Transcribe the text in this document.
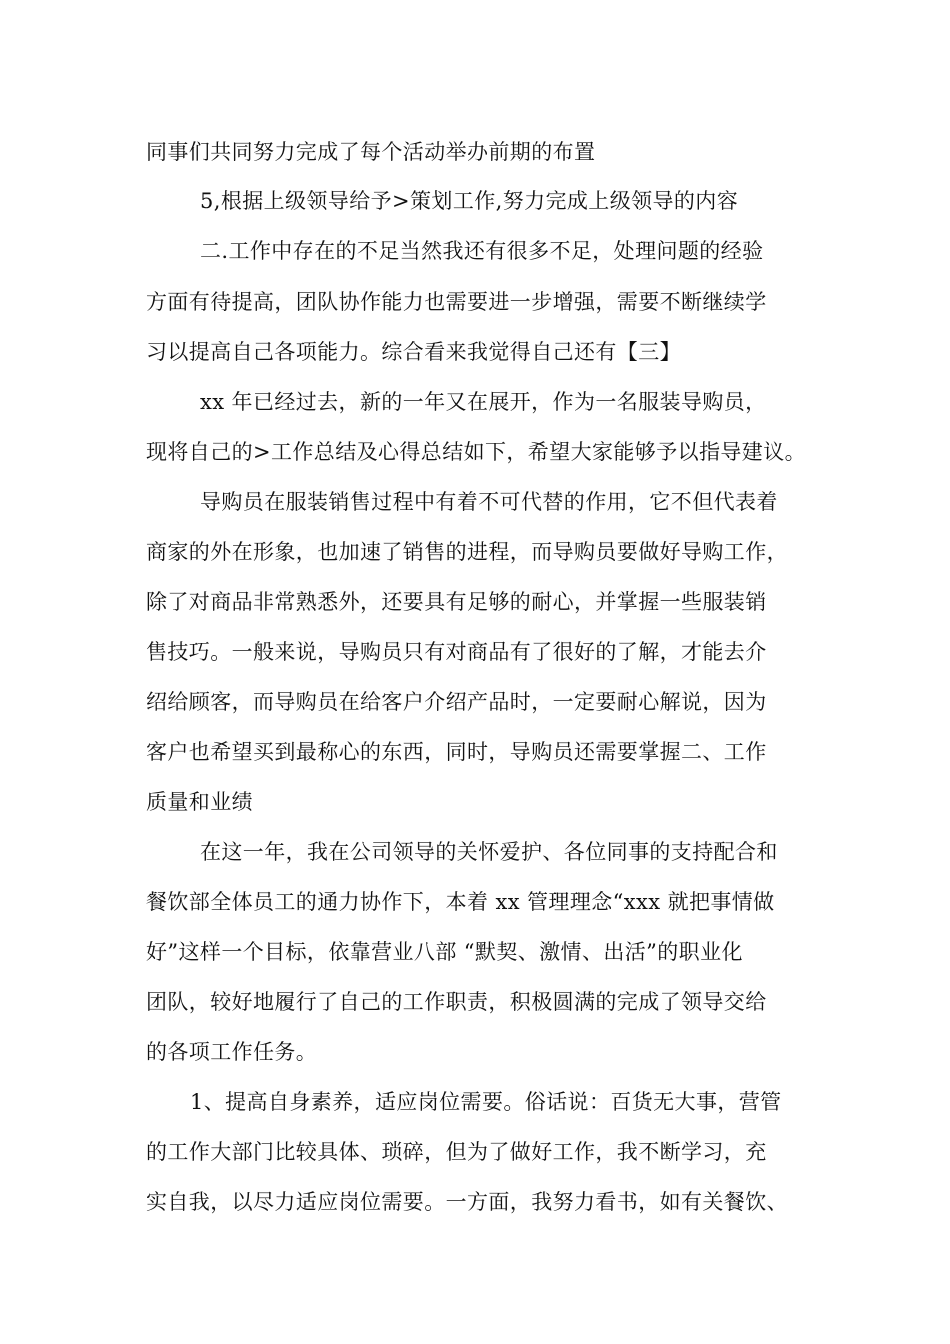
同事们共同努力完成了每个活动举办前期的布置
5,根据上级领导给予>策划工作,努力完成上级领导的内容
二.工作中存在的不足当然我还有很多不足，处理问题的经验
方面有待提高，团队协作能力也需要进一步增强，需要不断继续学
习以提高自己各项能力。综合看来我觉得自己还有【三】
xx 年已经过去，新的一年又在展开，作为一名服装导购员，
现将自己的>工作总结及心得总结如下，希望大家能够予以指导建议。
导购员在服装销售过程中有着不可代替的作用，它不但代表着
商家的外在形象，也加速了销售的进程，而导购员要做好导购工作，
除了对商品非常熟悉外，还要具有足够的耐心，并掌握一些服装销
售技巧。一般来说，导购员只有对商品有了很好的了解，才能去介
绍给顾客，而导购员在给客户介绍产品时，一定要耐心解说，因为
客户也希望买到最称心的东西，同时，导购员还需要掌握二、工作
质量和业绩
在这一年，我在公司领导的关怀爱护、各位同事的支持配合和
餐饮部全体员工的通力协作下，本着 xx 管理理念“xxx 就把事情做
好”这样一个目标，依靠营业八部 “默契、激情、出活”的职业化
团队，较好地履行了自己的工作职责，积极圆满的完成了领导交给
的各项工作任务。
1、提高自身素养，适应岗位需要。俗话说：百货无大事，营管
的工作大部门比较具体、琐碎，但为了做好工作，我不断学习，充
实自我，以尽力适应岗位需要。一方面，我努力看书，如有关餐饮、
